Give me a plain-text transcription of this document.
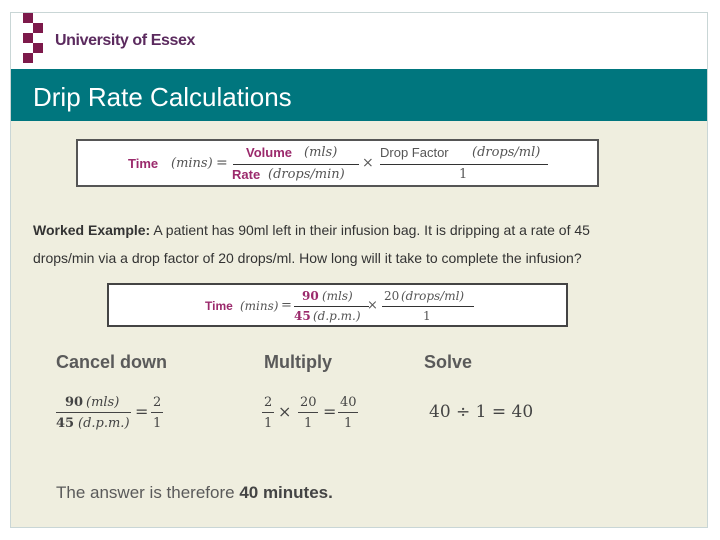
University of Essex
Drip Rate Calculations
Time (mins) =
Volume (mls)
Rate (drops/min)
×
Drop Factor (drops/ml)
1
Worked Example: A patient has 90ml left in their infusion bag. It is dripping at a rate of 45
drops/min via a drop factor of 20 drops/ml. How long will it take to complete the infusion?
Time (mins) =
90 (mls)
45 (d.p.m.)
×
20 (drops/ml)
1
Cancel down	Multiply	Solve
90 (mls)
45 (d.p.m.)
= 2
1
2
1
× 20
1
= 40
1
40 ÷ 1 = 40
The answer is therefore 40 minutes.
